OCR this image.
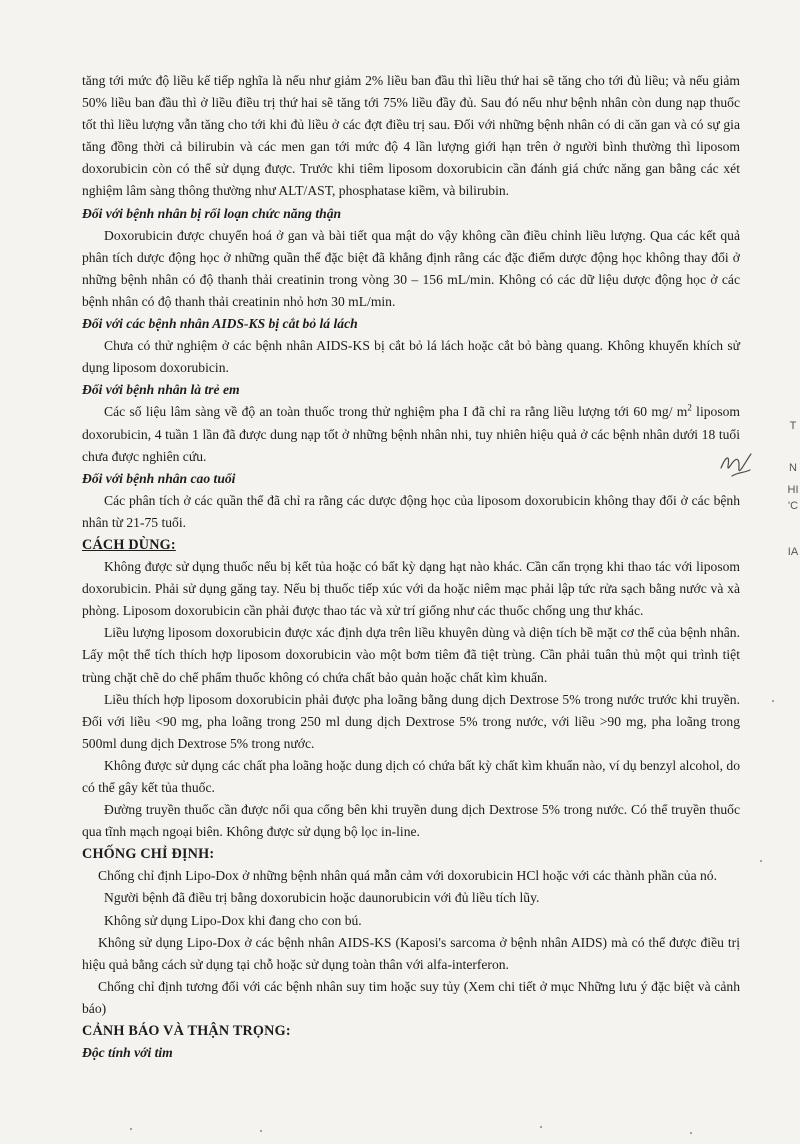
tăng tới mức độ liều kế tiếp nghĩa là nếu như giảm 2% liều ban đầu thì liều thứ hai sẽ tăng cho tới đủ liều; và nếu giảm 50% liều ban đầu thì ở liều điều trị thứ hai sẽ tăng tới 75% liều đầy đủ. Sau đó nếu như bệnh nhân còn dung nạp thuốc tốt thì liều lượng vẫn tăng cho tới khi đủ liều ở các đợt điều trị sau. Đối với những bệnh nhân có di căn gan và có sự gia tăng đồng thời cả bilirubin và các men gan tới mức độ 4 lần lượng giới hạn trên ở người bình thường thì liposom doxorubicin còn có thể sử dụng được. Trước khi tiêm liposom doxorubicin cần đánh giá chức năng gan bằng các xét nghiệm lâm sàng thông thường như ALT/AST, phosphatase kiềm, và bilirubin.

Đối với bệnh nhân bị rối loạn chức năng thận

Doxorubicin được chuyển hoá ở gan và bài tiết qua mật do vậy không cần điều chỉnh liều lượng. Qua các kết quả phân tích dược động học ở những quần thể đặc biệt đã khẳng định rằng các đặc điểm dược động học không thay đổi ở những bệnh nhân có độ thanh thải creatinin trong vòng 30 – 156 mL/min. Không có các dữ liệu dược động học ở các bệnh nhân có độ thanh thải creatinin nhỏ hơn 30 mL/min.

Đối với các bệnh nhân AIDS-KS bị cắt bỏ lá lách

Chưa có thử nghiệm ở các bệnh nhân AIDS-KS bị cắt bỏ lá lách hoặc cắt bỏ bàng quang. Không khuyến khích sử dụng liposom doxorubicin.

Đối với bệnh nhân là trẻ em

Các số liệu lâm sàng về độ an toàn thuốc trong thử nghiệm pha I đã chỉ ra rằng liều lượng tới 60 mg/ $m^2$ liposom doxorubicin, 4 tuần 1 lần đã được dung nạp tốt ở những bệnh nhân nhi, tuy nhiên hiệu quả ở các bệnh nhân dưới 18 tuổi chưa được nghiên cứu.

Đối với bệnh nhân cao tuổi

Các phân tích ở các quần thể đã chỉ ra rằng các dược động học của liposom doxorubicin không thay đổi ở các bệnh nhân từ 21-75 tuổi.

CÁCH DÙNG:

Không được sử dụng thuốc nếu bị kết tủa hoặc có bất kỳ dạng hạt nào khác. Cần cẩn trọng khi thao tác với liposom doxorubicin. Phải sử dụng găng tay. Nếu bị thuốc tiếp xúc với da hoặc niêm mạc phải lập tức rửa sạch bằng nước và xà phòng. Liposom doxorubicin cần phải được thao tác và xử trí giống như các thuốc chống ung thư khác.

Liều lượng liposom doxorubicin được xác định dựa trên liều khuyên dùng và diện tích bề mặt cơ thể của bệnh nhân. Lấy một thể tích thích hợp liposom doxorubicin vào một bơm tiêm đã tiệt trùng. Cần phải tuân thủ một qui trình tiệt trùng chặt chẽ do chế phẩm thuốc không có chứa chất bảo quản hoặc chất kìm khuẩn.

Liều thích hợp liposom doxorubicin phải được pha loãng bằng dung dịch Dextrose 5% trong nước trước khi truyền. Đối với liều <90 mg, pha loãng trong 250 ml dung dịch Dextrose 5% trong nước, với liều >90 mg, pha loãng trong 500ml dung dịch Dextrose 5% trong nước.

Không được sử dụng các chất pha loãng hoặc dung dịch có chứa bất kỳ chất kìm khuẩn nào, ví dụ benzyl alcohol, do có thể gây kết tủa thuốc.

Đường truyền thuốc cần được nối qua cổng bên khi truyền dung dịch Dextrose 5% trong nước. Có thể truyền thuốc qua tĩnh mạch ngoại biên. Không được sử dụng bộ lọc in-line.

CHỐNG CHỈ ĐỊNH:

Chống chỉ định Lipo-Dox ở những bệnh nhân quá mẫn cảm với doxorubicin HCl hoặc với các thành phần của nó.

Người bệnh đã điều trị bằng doxorubicin hoặc daunorubicin với đủ liều tích lũy.

Không sử dụng Lipo-Dox khi đang cho con bú.

Không sử dụng Lipo-Dox ở các bệnh nhân AIDS-KS (Kaposi's sarcoma ở bệnh nhân AIDS) mà có thể được điều trị hiệu quả bằng cách sử dụng tại chỗ hoặc sử dụng toàn thân với alfa-interferon.

Chống chỉ định tương đối với các bệnh nhân suy tim hoặc suy tủy (Xem chi tiết ở mục Những lưu ý đặc biệt và cảnh báo)

CẢNH BÁO VÀ THẬN TRỌNG:

Độc tính với tim

T
N
HI
'C
IA
